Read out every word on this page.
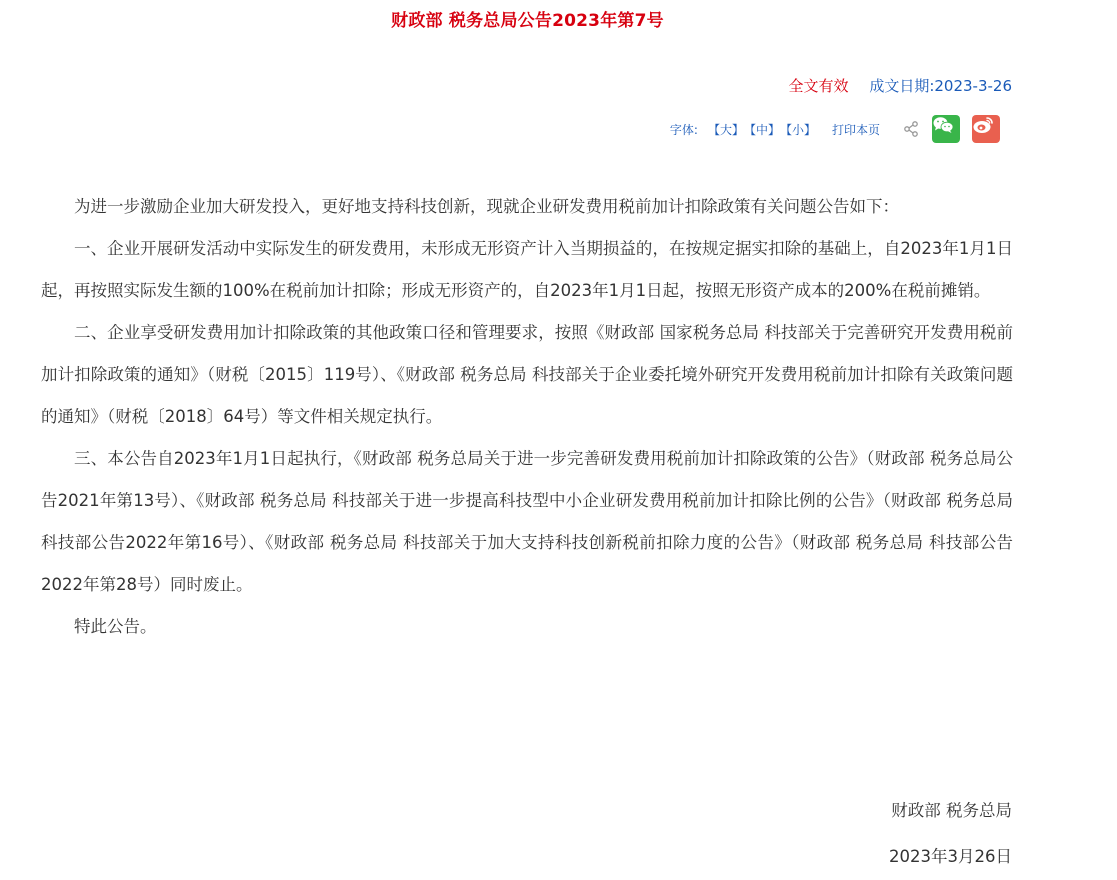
财政部 税务总局公告2023年第7号
全文有效 成文日期:2023-3-26
字体: 【大】 【中】 【小】 打印本页

为进一步激励企业加大研发投入，更好地支持科技创新，现就企业研发费用税前加计扣除政策有关问题公告如下：

一、企业开展研发活动中实际发生的研发费用，未形成无形资产计入当期损益的，在按规定据实扣除的基础上，自2023年1月1日起，再按照实际发生额的100%在税前加计扣除；形成无形资产的，自2023年1月1日起，按照无形资产成本的200%在税前摊销。

二、企业享受研发费用加计扣除政策的其他政策口径和管理要求，按照《财政部 国家税务总局 科技部关于完善研究开发费用税前加计扣除政策的通知》（财税〔2015〕119号）、《财政部 税务总局 科技部关于企业委托境外研究开发费用税前加计扣除有关政策问题的通知》（财税〔2018〕64号）等文件相关规定执行。

三、本公告自2023年1月1日起执行，《财政部 税务总局关于进一步完善研发费用税前加计扣除政策的公告》（财政部 税务总局公告2021年第13号）、《财政部 税务总局 科技部关于进一步提高科技型中小企业研发费用税前加计扣除比例的公告》（财政部 税务总局 科技部公告2022年第16号）、《财政部 税务总局 科技部关于加大支持科技创新税前扣除力度的公告》（财政部 税务总局 科技部公告2022年第28号）同时废止。

特此公告。

财政部 税务总局
2023年3月26日
